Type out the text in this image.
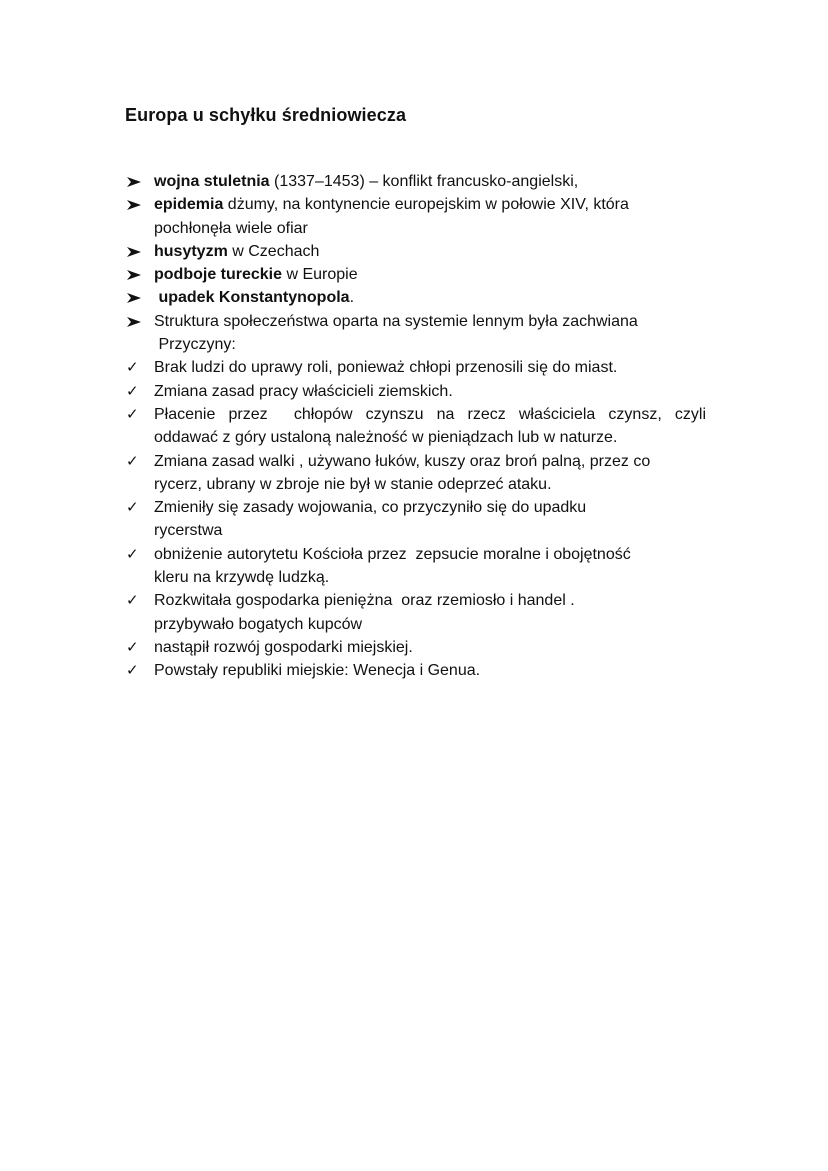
Europa u schyłku średniowiecza
wojna stuletnia (1337–1453) – konflikt francusko-angielski,
epidemia dżumy, na kontynencie europejskim w połowie XIV, która
pochłonęła wiele ofiar
husytyzm w Czechach
podboje tureckie w Europie
upadek Konstantynopola.
Struktura społeczeństwa oparta na systemie lennym była zachwiana
Przyczyny:
✓ Brak ludzi do uprawy roli, ponieważ chłopi przenosili się do miast.
✓ Zmiana zasad pracy właścicieli ziemskich.
✓ Płacenie przez  chłopów czynszu na rzecz właściciela czynsz, czyli
oddawać z góry ustaloną należność w pieniądzach lub w naturze.
✓ Zmiana zasad walki , używano łuków, kuszy oraz broń palną, przez co
rycerz, ubrany w zbroje nie był w stanie odeprzeć ataku.
✓ Zmieniły się zasady wojowania, co przyczyniło się do upadku
rycerstwa
✓ obniżenie autorytetu Kościoła przez  zepsucie moralne i obojętność
kleru na krzywdę ludzką.
✓ Rozkwitała gospodarka pieniężna  oraz rzemiosło i handel .
przybywało bogatych kupców
✓ nastąpił rozwój gospodarki miejskiej.
✓ Powstały republiki miejskie: Wenecja i Genua.
